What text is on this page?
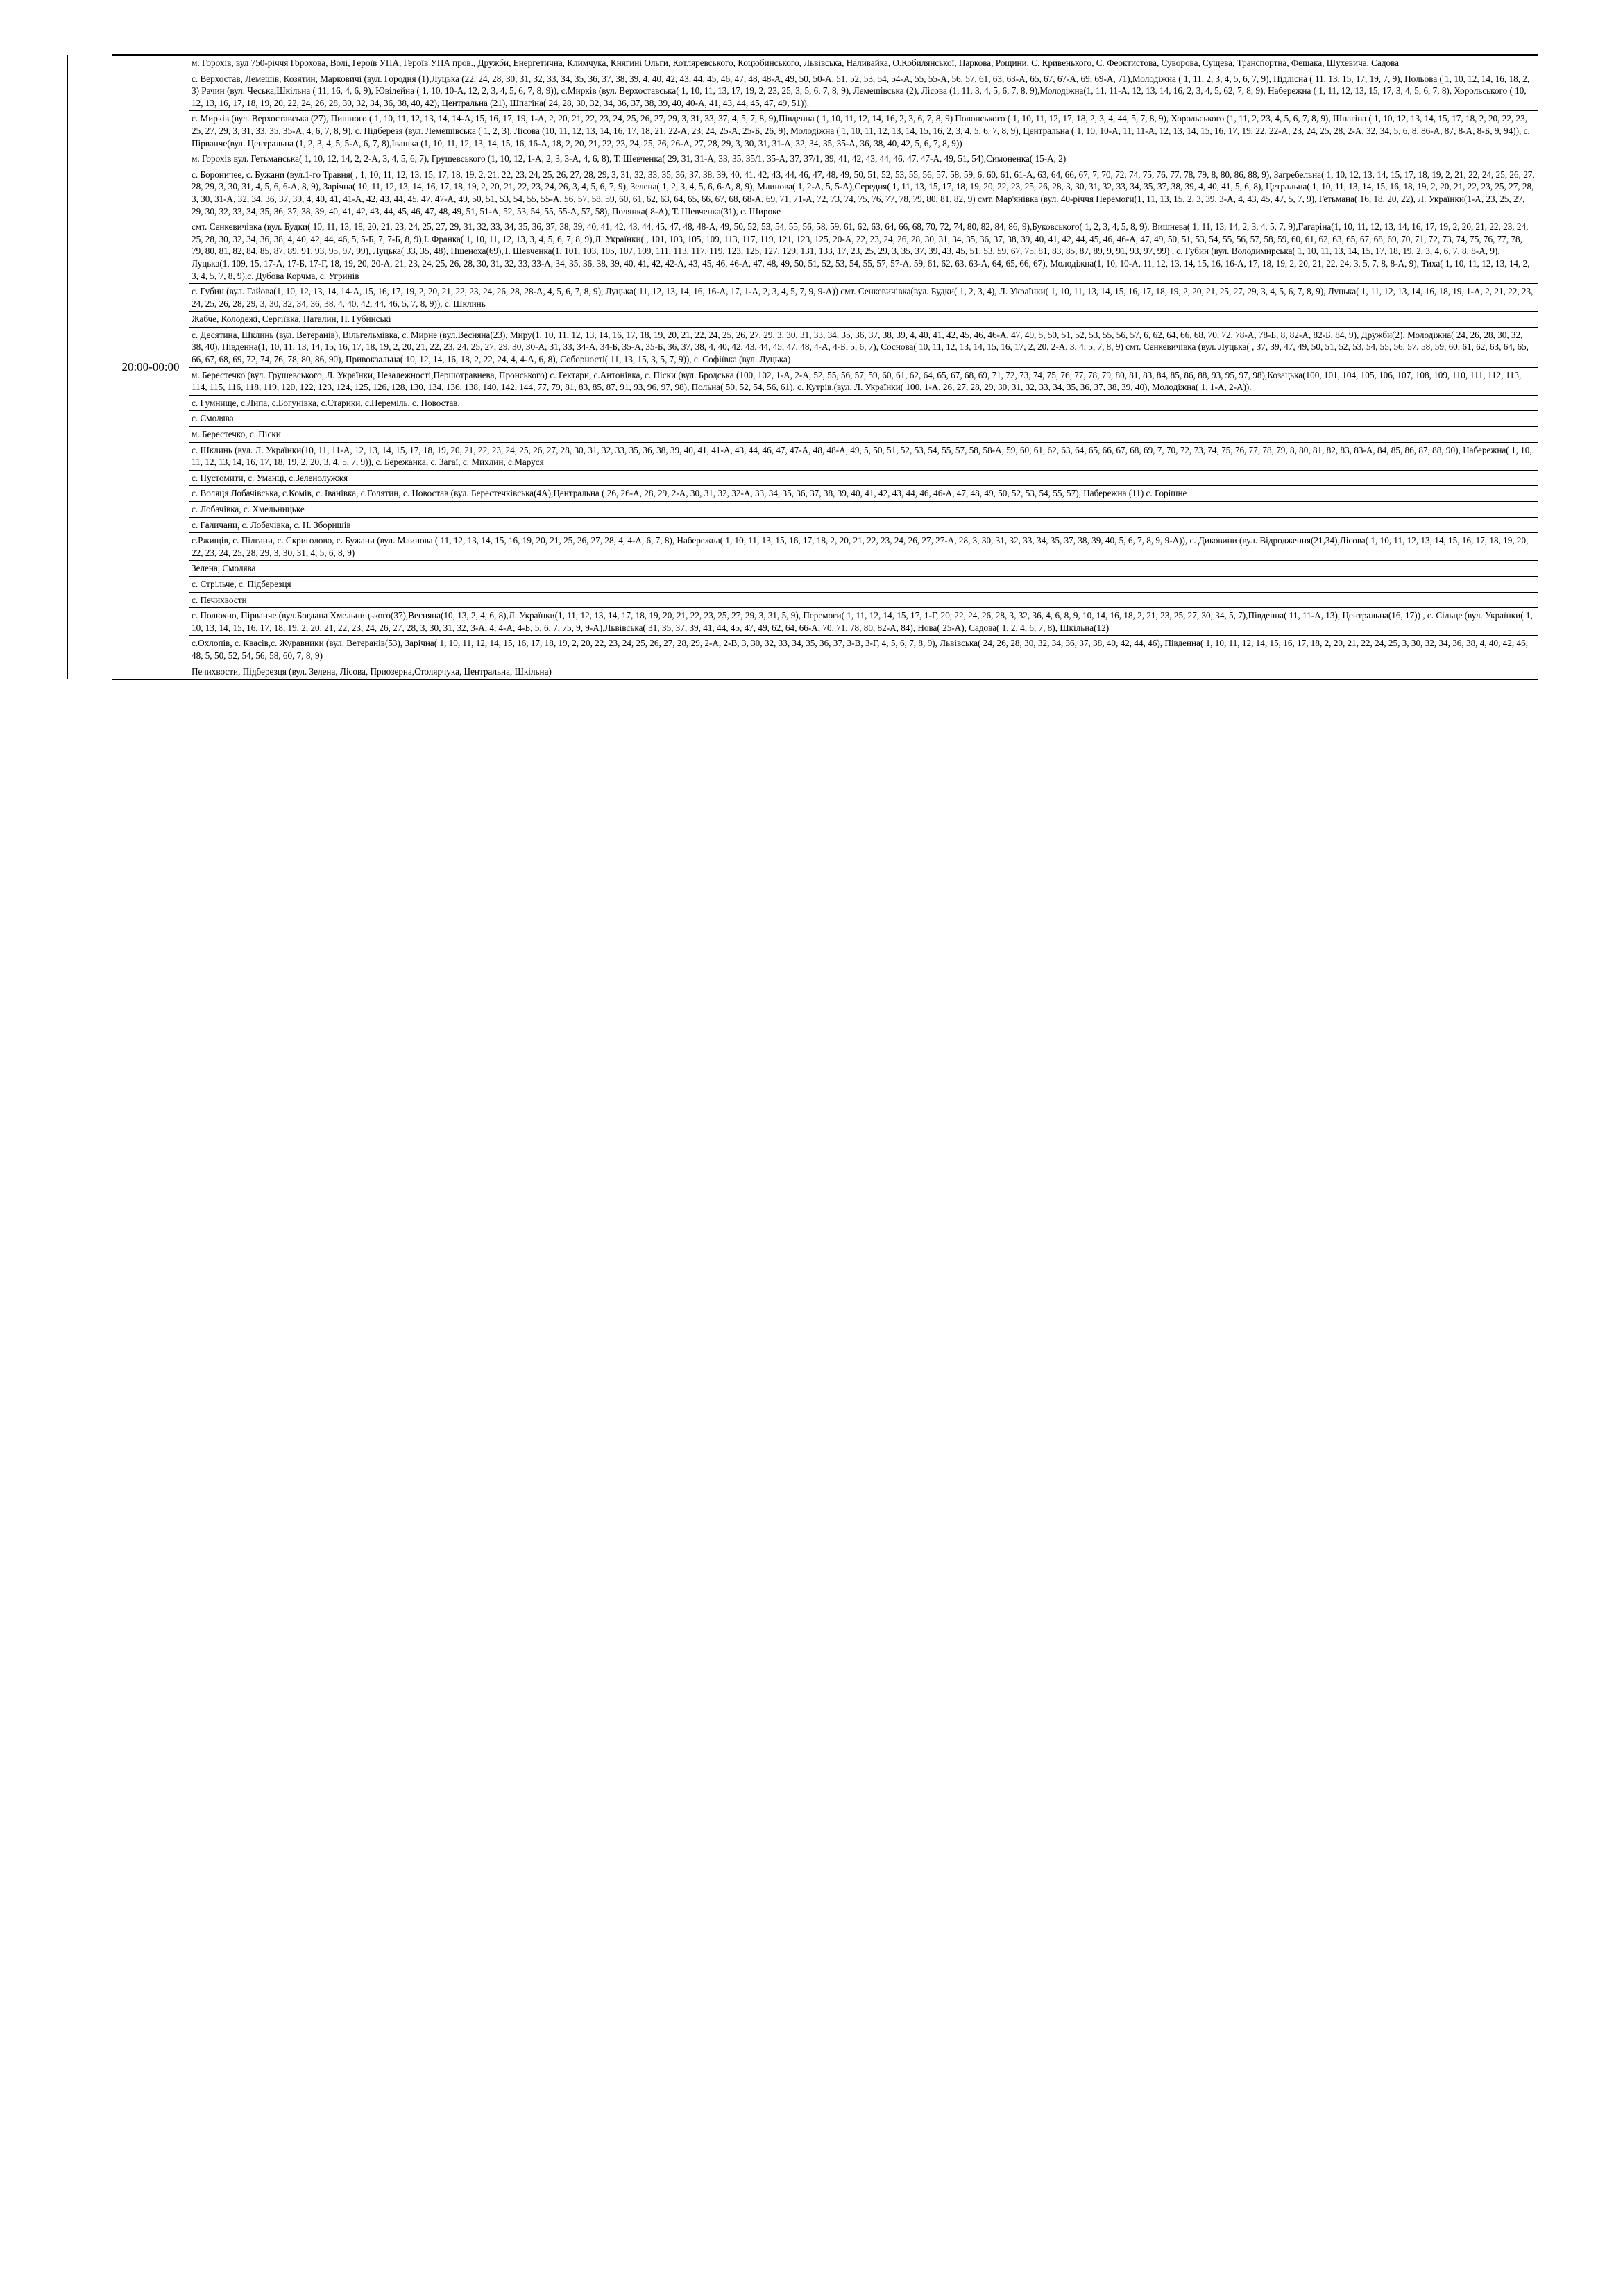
	20:00-00:00	м. Горохів, вул 750-річчя Горохова, Волі, Героїв УПА, Героїв УПА пров., Дружби, Енергетична, Климчука, Княгині Ольги, Котляревського, Коцюбинського, Львівська, Наливайка, О.Кобилянської, Паркова, Рощини, С. Кривенького, С. Феоктистова, Суворова, Сущева, Транспортна, Фещака, Шухевича, Садова
с. Верхостав, Лемешів, Козятин, Марковичі (вул. Городня (1),Луцька (22, 24, 28, 30, 31, 32, 33, 34, 35, 36, 37, 38, 39, 4, 40, 42, 43, 44, 45, 46, 47, 48, 48-А, 49, 50, 50-А, 51, 52, 53, 54, 54-А, 55, 55-А, 56, 57, 61, 63, 63-А, 65, 67, 67-А, 69, 69-А, 71),Молодіжна ( 1, 11, 2, 3, 4, 5, 6, 7, 9), Підлісна ( 11, 13, 15, 17, 19, 7, 9), Польова ( 1, 10, 12, 14, 16, 18, 2, 3) Рачин (вул. Чеська,Шкільна ( 11, 16, 4, 6, 9), Ювілейна ( 1, 10, 10-А, 12, 2, 3, 4, 5, 6, 7, 8, 9)), с.Мирків (вул. Верхоставська( 1, 10, 11, 13, 17, 19, 2, 23, 25, 3, 5, 6, 7, 8, 9), Лемешівська (2), Лісова (1, 11, 3, 4, 5, 6, 7, 8, 9),Молодіжна(1, 11, 11-А, 12, 13, 14, 16, 2, 3, 4, 5, 62, 7, 8, 9), Набережна ( 1, 11, 12, 13, 15, 17, 3, 4, 5, 6, 7, 8), Хорольського ( 10, 12, 13, 16, 17, 18, 19, 20, 22, 24, 26, 28, 30, 32, 34, 36, 38, 40, 42), Центральна (21), Шпагіна( 24, 28, 30, 32, 34, 36, 37, 38, 39, 40, 40-А, 41, 43, 44, 45, 47, 49, 51)).
с. Мирків (вул. Верхоставська (27), Пишного ( 1, 10, 11, 12, 13, 14, 14-А, 15, 16, 17, 19, 1-А, 2, 20, 21, 22, 23, 24, 25, 26, 27, 29, 3, 31, 33, 37, 4, 5, 7, 8, 9),Південна ( 1, 10, 11, 12, 14, 16, 2, 3, 6, 7, 8, 9) Полонського ( 1, 10, 11, 12, 17, 18, 2, 3, 4, 44, 5, 7, 8, 9), Хорольського (1, 11, 2, 23, 4, 5, 6, 7, 8, 9), Шпагіна ( 1, 10, 12, 13, 14, 15, 17, 18, 2, 20, 22, 23, 25, 27, 29, 3, 31, 33, 35, 35-А, 4, 6, 7, 8, 9), с. Підберезя (вул. Лемешівська ( 1, 2, 3), Лісова (10, 11, 12, 13, 14, 16, 17, 18, 21, 22-А, 23, 24, 25-А, 25-Б, 26, 9), Молодіжна ( 1, 10, 11, 12, 13, 14, 15, 16, 2, 3, 4, 5, 6, 7, 8, 9), Центральна ( 1, 10, 10-А, 11, 11-А, 12, 13, 14, 15, 16, 17, 19, 22, 22-А, 23, 24, 25, 28, 2-А, 32, 34, 5, 6, 8, 86-А, 87, 8-А, 8-Б, 9, 94)), с. Пірванче(вул. Центральна (1, 2, 3, 4, 5, 5-А, 6, 7, 8),Івашка (1, 10, 11, 12, 13, 14, 15, 16, 16-А, 18, 2, 20, 21, 22, 23, 24, 25, 26, 26-А, 27, 28, 29, 3, 30, 31, 31-А, 32, 34, 35, 35-А, 36, 38, 40, 42, 5, 6, 7, 8, 9))
м. Горохів вул. Гетьманська( 1, 10, 12, 14, 2, 2-А, 3, 4, 5, 6, 7), Грушевського (1, 10, 12, 1-А, 2, 3, 3-А, 4, 6, 8), Т. Шевченка( 29, 31, 31-А, 33, 35, 35/1, 35-А, 37, 37/1, 39, 41, 42, 43, 44, 46, 47, 47-А, 49, 51, 54),Симоненка( 15-А, 2)
с. Бороничее, с. Бужани (вул.1-го Травня( , 1, 10, 11, 12, 13, 15, 17, 18, 19, 2, 21, 22, 23, 24, 25, 26, 27, 28, 29, 3, 31, 32, 33, 35, 36, 37, 38, 39, 40, 41, 42, 43, 44, 46, 47, 48, 49, 50, 51, 52, 53, 55, 56, 57, 58, 59, 6, 60, 61, 61-А, 63, 64, 66, 67, 7, 70, 72, 74, 75, 76, 77, 78, 79, 8, 80, 86, 88, 9), Загребельна( 1, 10, 12, 13, 14, 15, 17, 18, 19, 2, 21, 22, 24, 25, 26, 27, 28, 29, 3, 30, 31, 4, 5, 6, 6-А, 8, 9), Зарічна( 10, 11, 12, 13, 14, 16, 17, 18, 19, 2, 20, 21, 22, 23, 24, 26, 3, 4, 5, 6, 7, 9), Зелена( 1, 2, 3, 4, 5, 6, 6-А, 8, 9), Млинова( 1, 2-А, 5, 5-А),Середня( 1, 11, 13, 15, 17, 18, 19, 20, 22, 23, 25, 26, 28, 3, 30, 31, 32, 33, 34, 35, 37, 38, 39, 4, 40, 41, 5, 6, 8), Цетральна( 1, 10, 11, 13, 14, 15, 16, 18, 19, 2, 20, 21, 22, 23, 25, 27, 28, 3, 30, 31-А, 32, 34, 36, 37, 39, 4, 40, 41, 41-А, 42, 43, 44, 45, 47, 47-А, 49, 50, 51, 53, 54, 55, 55-А, 56, 57, 58, 59, 60, 61, 62, 63, 64, 65, 66, 67, 68, 68-А, 69, 71, 71-А, 72, 73, 74, 75, 76, 77, 78, 79, 80, 81, 82, 9) смт. Мар'янівка (вул. 40-річчя Перемоги(1, 11, 13, 15, 2, 3, 39, 3-А, 4, 43, 45, 47, 5, 7, 9), Гетьмана( 16, 18, 20, 22), Л. Українки(1-А, 23, 25, 27, 29, 30, 32, 33, 34, 35, 36, 37, 38, 39, 40, 41, 42, 43, 44, 45, 46, 47, 48, 49, 51, 51-А, 52, 53, 54, 55, 55-А, 57, 58), Полянка( 8-А), Т. Шевченка(31), с. Широке
смт. Сенкевичівка (вул. Будки( 10, 11, 13, 18, 20, 21, 23, 24, 25, 27, 29, 31, 32, 33, 34, 35, 36, 37, 38, 39, 40, 41, 42, 43, 44, 45, 47, 48, 48-А, 49, 50, 52, 53, 54, 55, 56, 58, 59, 61, 62, 63, 64, 66, 68, 70, 72, 74, 80, 82, 84, 86, 9),Буковського( 1, 2, 3, 4, 5, 8, 9), Вишнева( 1, 11, 13, 14, 2, 3, 4, 5, 7, 9),Гагаріна(1, 10, 11, 12, 13, 14, 16, 17, 19, 2, 20, 21, 22, 23, 24, 25, 28, 30, 32, 34, 36, 38, 4, 40, 42, 44, 46, 5, 5-Б, 7, 7-Б, 8, 9),І. Франка( 1, 10, 11, 12, 13, 3, 4, 5, 6, 7, 8, 9),Л. Українки( , 101, 103, 105, 109, 113, 117, 119, 121, 123, 125, 20-А, 22, 23, 24, 26, 28, 30, 31, 34, 35, 36, 37, 38, 39, 40, 41, 42, 44, 45, 46, 46-А, 47, 49, 50, 51, 53, 54, 55, 56, 57, 58, 59, 60, 61, 62, 63, 65, 67, 68, 69, 70, 71, 72, 73, 74, 75, 76, 77, 78, 79, 80, 81, 82, 84, 85, 87, 89, 91, 93, 95, 97, 99), Луцька( 33, 35, 48), Пшеноха(69),Т. Шевченка(1, 101, 103, 105, 107, 109, 111, 113, 117, 119, 123, 125, 127, 129, 131, 133, 17, 23, 25, 29, 3, 35, 37, 39, 43, 45, 51, 53, 59, 67, 75, 81, 83, 85, 87, 89, 9, 91, 93, 97, 99) , с. Губин (вул. Володимирська( 1, 10, 11, 13, 14, 15, 17, 18, 19, 2, 3, 4, 6, 7, 8, 8-А, 9), Луцька(1, 109, 15, 17-А, 17-Б, 17-Г, 18, 19, 20, 20-А, 21, 23, 24, 25, 26, 28, 30, 31, 32, 33, 33-А, 34, 35, 36, 38, 39, 40, 41, 42, 42-А, 43, 45, 46, 46-А, 47, 48, 49, 50, 51, 52, 53, 54, 55, 57, 57-А, 59, 61, 62, 63, 63-А, 64, 65, 66, 67), Молодіжна(1, 10, 10-А, 11, 12, 13, 14, 15, 16, 16-А, 17, 18, 19, 2, 20, 21, 22, 24, 3, 5, 7, 8, 8-А, 9), Тиха( 1, 10, 11, 12, 13, 14, 2, 3, 4, 5, 7, 8, 9),с. Дубова Корчма, с. Угринів
с. Губин (вул. Гайова(1, 10, 12, 13, 14, 14-А, 15, 16, 17, 19, 2, 20, 21, 22, 23, 24, 26, 28, 28-А, 4, 5, 6, 7, 8, 9), Луцька( 11, 12, 13, 14, 16, 16-А, 17, 1-А, 2, 3, 4, 5, 7, 9, 9-А)) смт. Сенкевичівка(вул. Будки( 1, 2, 3, 4), Л. Українки( 1, 10, 11, 13, 14, 15, 16, 17, 18, 19, 2, 20, 21, 25, 27, 29, 3, 4, 5, 6, 7, 8, 9), Луцька( 1, 11, 12, 13, 14, 16, 18, 19, 1-А, 2, 21, 22, 23, 24, 25, 26, 28, 29, 3, 30, 32, 34, 36, 38, 4, 40, 42, 44, 46, 5, 7, 8, 9)), с. Шклинь
Жабче, Колодежі, Сергіївка, Наталин, Н. Губинські
с. Десятина, Шклинь (вул. Ветеранів), Вільгельмівка, с. Мирне (вул.Весняна(23), Миру(1, 10, 11, 12, 13, 14, 16, 17, 18, 19, 20, 21, 22, 24, 25, 26, 27, 29, 3, 30, 31, 33, 34, 35, 36, 37, 38, 39, 4, 40, 41, 42, 45, 46, 46-А, 47, 49, 5, 50, 51, 52, 53, 55, 56, 57, 6, 62, 64, 66, 68, 70, 72, 78-А, 78-Б, 8, 82-А, 82-Б, 84, 9), Дружби(2), Молодіжна( 24, 26, 28, 30, 32, 38, 40), Південна(1, 10, 11, 13, 14, 15, 16, 17, 18, 19, 2, 20, 21, 22, 23, 24, 25, 27, 29, 30, 30-А, 31, 33, 34-А, 34-Б, 35-А, 35-Б, 36, 37, 38, 4, 40, 42, 43, 44, 45, 47, 48, 4-А, 4-Б, 5, 6, 7), Соснова( 10, 11, 12, 13, 14, 15, 16, 17, 2, 20, 2-А, 3, 4, 5, 7, 8, 9) смт. Сенкевичівка (вул. Луцька( , 37, 39, 47, 49, 50, 51, 52, 53, 54, 55, 56, 57, 58, 59, 60, 61, 62, 63, 64, 65, 66, 67, 68, 69, 72, 74, 76, 78, 80, 86, 90), Привокзальна( 10, 12, 14, 16, 18, 2, 22, 24, 4, 4-А, 6, 8), Соборності( 11, 13, 15, 3, 5, 7, 9)), с. Софіївка (вул. Луцька)
м. Берестечко (вул. Грушевського, Л. Українки, Незалежності,Першотравнева, Пронського) с. Гектари, с.Антонівка, с. Піски (вул. Бродська (100, 102, 1-А, 2-А, 52, 55, 56, 57, 59, 60, 61, 62, 64, 65, 67, 68, 69, 71, 72, 73, 74, 75, 76, 77, 78, 79, 80, 81, 83, 84, 85, 86, 88, 93, 95, 97, 98),Козацька(100, 101, 104, 105, 106, 107, 108, 109, 110, 111, 112, 113, 114, 115, 116, 118, 119, 120, 122, 123, 124, 125, 126, 128, 130, 134, 136, 138, 140, 142, 144, 77, 79, 81, 83, 85, 87, 91, 93, 96, 97, 98), Польна( 50, 52, 54, 56, 61), с. Кутрів.(вул. Л. Українки( 100, 1-А, 26, 27, 28, 29, 30, 31, 32, 33, 34, 35, 36, 37, 38, 39, 40), Молодіжна( 1, 1-А, 2-А)).
с. Гумнище, с.Липа, с.Богунівка, с.Старики, с.Переміль, с. Новостав.
с. Смолява
м. Берестечко, с. Піски
с. Шклинь (вул. Л. Українки(10, 11, 11-А, 12, 13, 14, 15, 17, 18, 19, 20, 21, 22, 23, 24, 25, 26, 27, 28, 30, 31, 32, 33, 35, 36, 38, 39, 40, 41, 41-А, 43, 44, 46, 47, 47-А, 48, 48-А, 49, 5, 50, 51, 52, 53, 54, 55, 57, 58, 58-А, 59, 60, 61, 62, 63, 64, 65, 66, 67, 68, 69, 7, 70, 72, 73, 74, 75, 76, 77, 78, 79, 8, 80, 81, 82, 83, 83-А, 84, 85, 86, 87, 88, 90), Набережна( 1, 10, 11, 12, 13, 14, 16, 17, 18, 19, 2, 20, 3, 4, 5, 7, 9)), с. Бережанка, с. Загаї, с. Михлин, с.Маруся
с. Пустомити, с. Уманці, с.Зеленолужжя
с. Воляця Лобачівська, с.Комів, с. Іванівка, с.Голятин, с. Новостав (вул. Берестечківська(4А),Центральна ( 26, 26-А, 28, 29, 2-А, 30, 31, 32, 32-А, 33, 34, 35, 36, 37, 38, 39, 40, 41, 42, 43, 44, 46, 46-А, 47, 48, 49, 50, 52, 53, 54, 55, 57), Набережна (11) с. Горішне
с. Лобачівка, с. Хмельницьке
с. Галичани, с. Лобачівка, с. Н. Зборишів
с.Ржищів, с. Пілгани, с. Скриголово, с. Бужани (вул. Млинова ( 11, 12, 13, 14, 15, 16, 19, 20, 21, 25, 26, 27, 28, 4, 4-А, 6, 7, 8), Набережна( 1, 10, 11, 13, 15, 16, 17, 18, 2, 20, 21, 22, 23, 24, 26, 27, 27-А, 28, 3, 30, 31, 32, 33, 34, 35, 37, 38, 39, 40, 5, 6, 7, 8, 9, 9-А)), с. Диковини (вул. Відродження(21,34),Лісова( 1, 10, 11, 12, 13, 14, 15, 16, 17, 18, 19, 20, 22, 23, 24, 25, 28, 29, 3, 30, 31, 4, 5, 6, 8, 9)
Зелена, Смолява
с. Стрільче, с. Підберезця
с. Печихвости
с. Полюхно, Пірванче (вул.Богдана Хмельницького(37),Весняна(10, 13, 2, 4, 6, 8),Л. Українки(1, 11, 12, 13, 14, 17, 18, 19, 20, 21, 22, 23, 25, 27, 29, 3, 31, 5, 9), Перемоги( 1, 11, 12, 14, 15, 17, 1-Г, 20, 22, 24, 26, 28, 3, 32, 36, 4, 6, 8, 9, 10, 14, 16, 18, 2, 21, 23, 25, 27, 30, 34, 5, 7),Південна( 11, 11-А, 13), Центральна(16, 17)) , с. Сільце (вул. Українки( 1, 10, 13, 14, 15, 16, 17, 18, 19, 2, 20, 21, 22, 23, 24, 26, 27, 28, 3, 30, 31, 32, 3-А, 4, 4-А, 4-Б, 5, 6, 7, 75, 9, 9-А),Львівська( 31, 35, 37, 39, 41, 44, 45, 47, 49, 62, 64, 66-А, 70, 71, 78, 80, 82-А, 84), Нова( 25-А), Садова( 1, 2, 4, 6, 7, 8), Шкільна(12)
с.Охлопів, с. Квасів,с. Журавники (вул. Ветеранів(53), Зарічна( 1, 10, 11, 12, 14, 15, 16, 17, 18, 19, 2, 20, 22, 23, 24, 25, 26, 27, 28, 29, 2-А, 2-В, 3, 30, 32, 33, 34, 35, 36, 37, 3-В, 3-Г, 4, 5, 6, 7, 8, 9), Львівська( 24, 26, 28, 30, 32, 34, 36, 37, 38, 40, 42, 44, 46), Південна( 1, 10, 11, 12, 14, 15, 16, 17, 18, 2, 20, 21, 22, 24, 25, 3, 30, 32, 34, 36, 38, 4, 40, 42, 46, 48, 5, 50, 52, 54, 56, 58, 60, 7, 8, 9)
Печихвости, Підберезця (вул. Зелена, Лісова, Приозерна,Столярчука, Центральна, Шкільна)
